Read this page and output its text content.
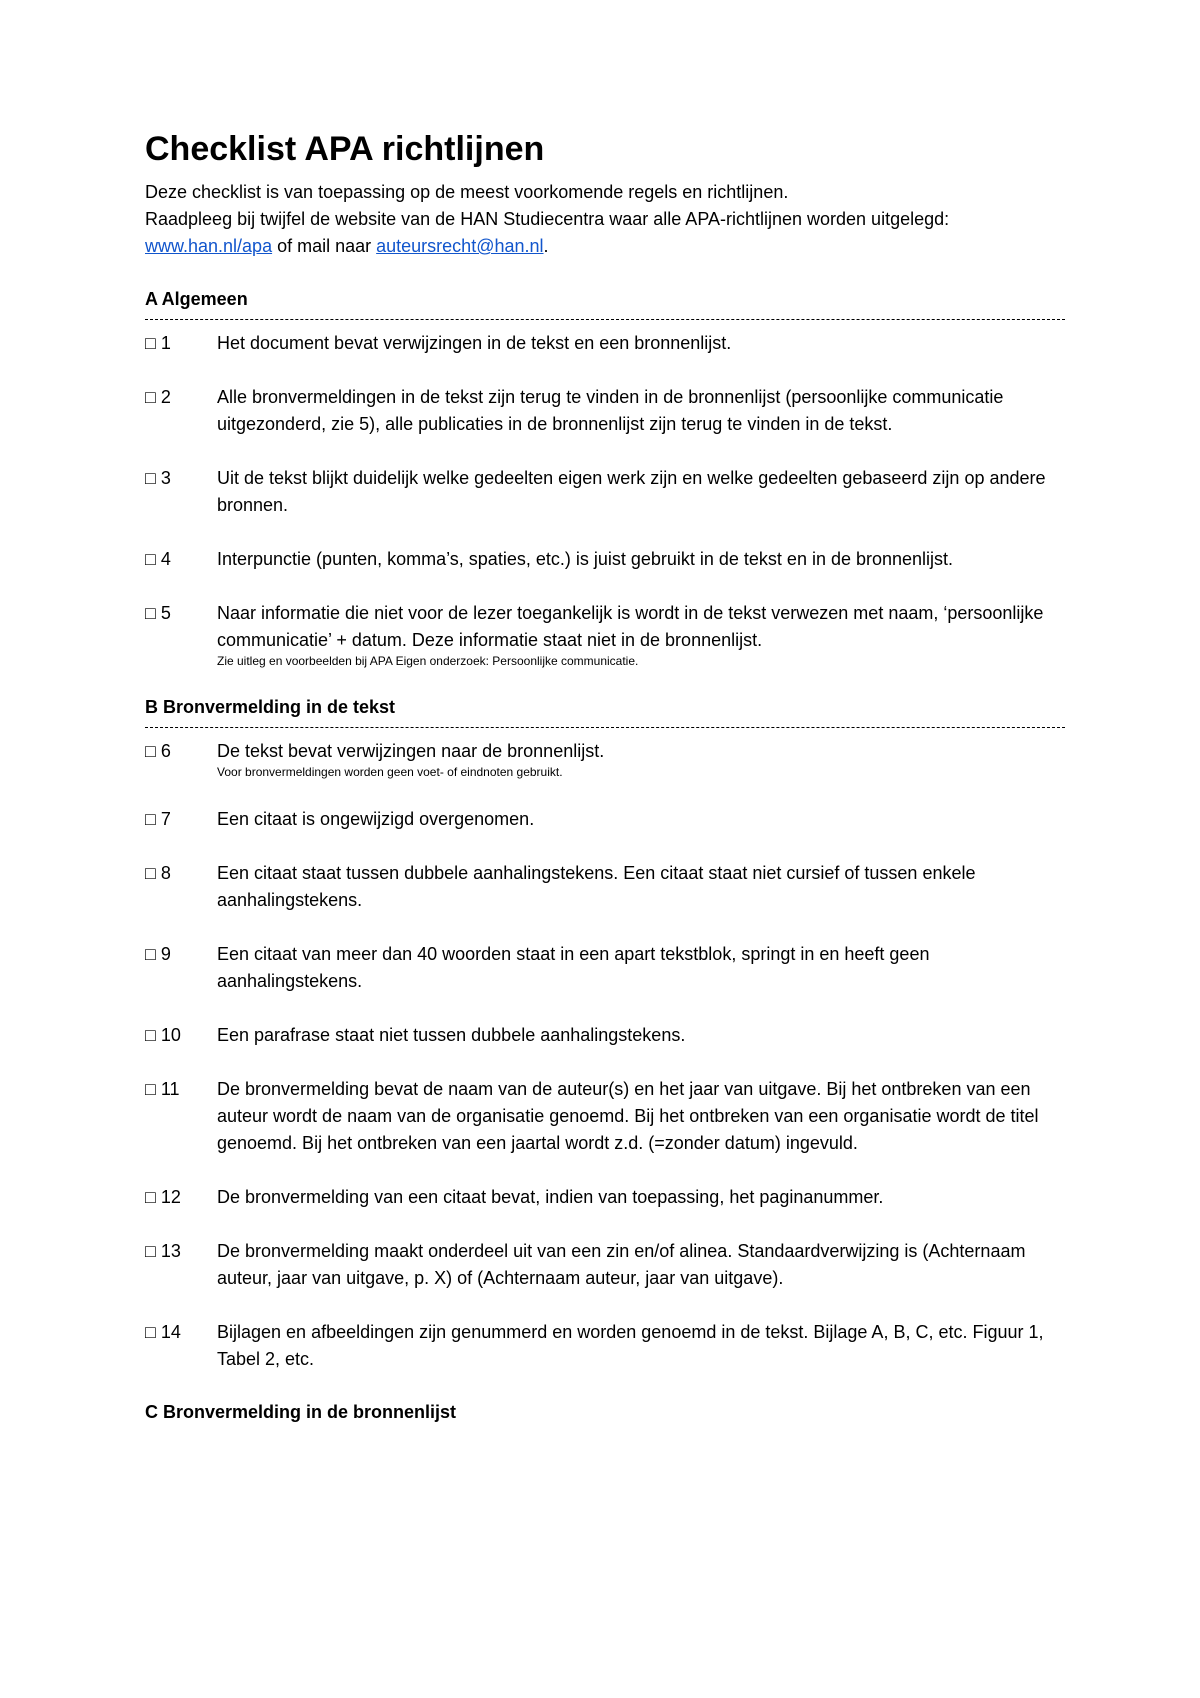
Checklist APA richtlijnen

Deze checklist is van toepassing op de meest voorkomende regels en richtlijnen.
Raadpleeg bij twijfel de website van de HAN Studiecentra waar alle APA-richtlijnen worden uitgelegd:
www.han.nl/apa of mail naar auteursrecht@han.nl.

A Algemeen
□ 1	Het document bevat verwijzingen in de tekst en een bronnenlijst.
□ 2	Alle bronvermeldingen in de tekst zijn terug te vinden in de bronnenlijst (persoonlijke communicatie uitgezonderd, zie 5), alle publicaties in de bronnenlijst zijn terug te vinden in de tekst.
□ 3	Uit de tekst blijkt duidelijk welke gedeelten eigen werk zijn en welke gedeelten gebaseerd zijn op andere bronnen.
□ 4	Interpunctie (punten, komma’s, spaties, etc.) is juist gebruikt in de tekst en in de bronnenlijst.
□ 5	Naar informatie die niet voor de lezer toegankelijk is wordt in de tekst verwezen met naam, ‘persoonlijke communicatie’ + datum. Deze informatie staat niet in de bronnenlijst.
Zie uitleg en voorbeelden bij APA Eigen onderzoek: Persoonlijke communicatie.
B Bronvermelding in de tekst
□ 6	De tekst bevat verwijzingen naar de bronnenlijst.
Voor bronvermeldingen worden geen voet- of eindnoten gebruikt.
□ 7	Een citaat is ongewijzigd overgenomen.
□ 8	Een citaat staat tussen dubbele aanhalingstekens. Een citaat staat niet cursief of tussen enkele aanhalingstekens.
□ 9	Een citaat van meer dan 40 woorden staat in een apart tekstblok, springt in en heeft geen aanhalingstekens.
□ 10	Een parafrase staat niet tussen dubbele aanhalingstekens.
□ 11	De bronvermelding bevat de naam van de auteur(s) en het jaar van uitgave. Bij het ontbreken van een auteur wordt de naam van de organisatie genoemd. Bij het ontbreken van een organisatie wordt de titel genoemd. Bij het ontbreken van een jaartal wordt z.d. (=zonder datum) ingevuld.
□ 12	De bronvermelding van een citaat bevat, indien van toepassing, het paginanummer.
□ 13	De bronvermelding maakt onderdeel uit van een zin en/of alinea. Standaardverwijzing is (Achternaam auteur, jaar van uitgave, p. X) of (Achternaam auteur, jaar van uitgave).
□ 14	Bijlagen en afbeeldingen zijn genummerd en worden genoemd in de tekst. Bijlage A, B, C, etc. Figuur 1, Tabel 2, etc.
C Bronvermelding in de bronnenlijst
